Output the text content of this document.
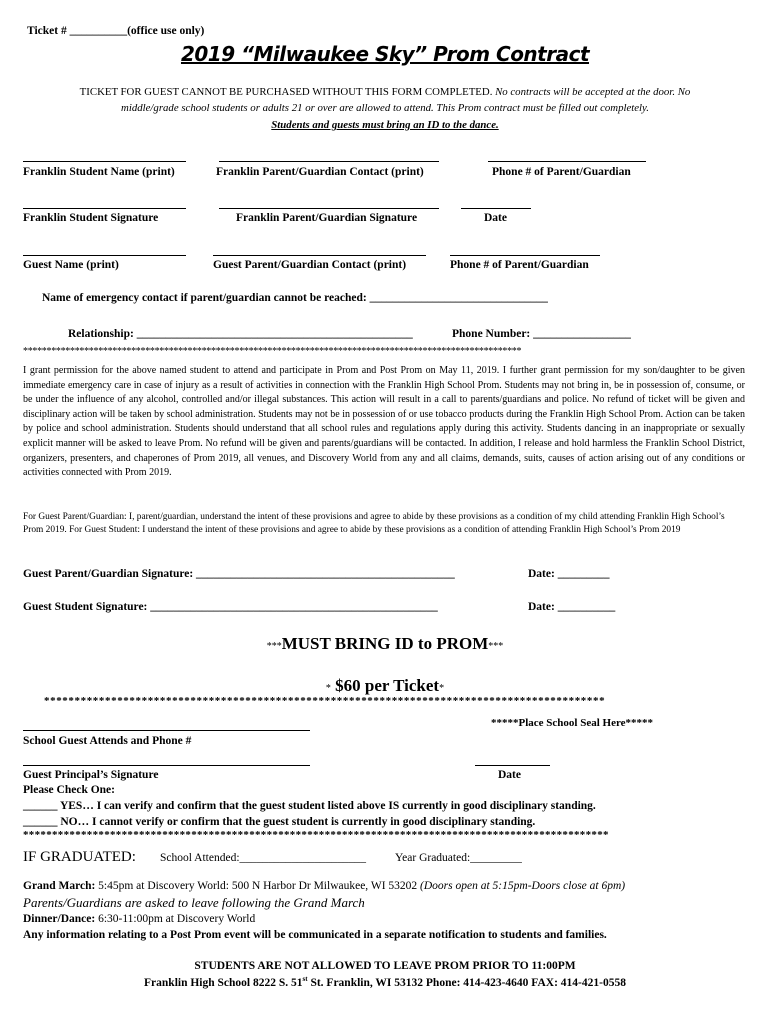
Ticket # __________(office use only)
2019 “Milwaukee Sky” Prom Contract
TICKET FOR GUEST CANNOT BE PURCHASED WITHOUT THIS FORM COMPLETED. No contracts will be accepted at the door. No
middle/grade school students or adults 21 or over are allowed to attend. This Prom contract must be filled out completely.
Students and guests must bring an ID to the dance.
Franklin Student Name (print)	Franklin Parent/Guardian Contact (print)	Phone # of Parent/Guardian
Franklin Student Signature	Franklin Parent/Guardian Signature	Date
Guest Name (print)	Guest Parent/Guardian Contact (print)	Phone # of Parent/Guardian
Name of emergency contact if parent/guardian cannot be reached: _______________________________
Relationship: ________________________________________________	Phone Number: _________________
**********************************************************************************************************
I grant permission for the above named student to attend and participate in Prom and Post Prom on May 11, 2019. I further grant permission for my son/daughter to be given immediate emergency care in case of injury as a result of activities in connection with the Franklin High School Prom. Students may not bring in, be in possession of, consume, or be under the influence of any alcohol, controlled and/or illegal substances. This action will result in a call to parents/guardians and police. No refund of ticket will be given and disciplinary action will be taken by school administration. Students may not be in possession of or use tobacco products during the Franklin High School Prom. Action can be taken by police and school administration. Students should understand that all school rules and regulations apply during this activity. Students dancing in an inappropriate or sexually explicit manner will be asked to leave Prom. No refund will be given and parents/guardians will be contacted. In addition, I release and hold harmless the Franklin School District, organizers, presenters, and chaperones of Prom 2019, all venues, and Discovery World from any and all claims, demands, suits, causes of action arising out of any conditions or activities connected with Prom 2019.
For Guest Parent/Guardian: I, parent/guardian, understand the intent of these provisions and agree to abide by these provisions as a condition of my child attending Franklin High School’s Prom 2019. For Guest Student: I understand the intent of these provisions and agree to abide by these provisions as a condition of attending Franklin High School’s Prom 2019
Guest Parent/Guardian Signature: _____________________________________________	Date: _________
Guest Student Signature: __________________________________________________	Date: __________
***MUST BRING ID to PROM***
* $60 per Ticket*
********************************************************************************************
*****Place School Seal Here*****
School Guest Attends and Phone #
Guest Principal’s Signature	Date
Please Check One:
______ YES… I can verify and confirm that the guest student listed above IS currently in good disciplinary standing.
______ NO… I cannot verify or confirm that the guest student is currently in good disciplinary standing.
*****************************************************************************************************
IF GRADUATED: School Attended:______________________	Year Graduated:_________
Grand March: 5:45pm at Discovery World: 500 N Harbor Dr Milwaukee, WI 53202 (Doors open at 5:15pm-Doors close at 6pm)
Parents/Guardians are asked to leave following the Grand March
Dinner/Dance: 6:30-11:00pm at Discovery World
Any information relating to a Post Prom event will be communicated in a separate notification to students and families.
STUDENTS ARE NOT ALLOWED TO LEAVE PROM PRIOR TO 11:00PM
Franklin High School 8222 S. 51st St. Franklin, WI 53132 Phone: 414-423-4640 FAX: 414-421-0558
